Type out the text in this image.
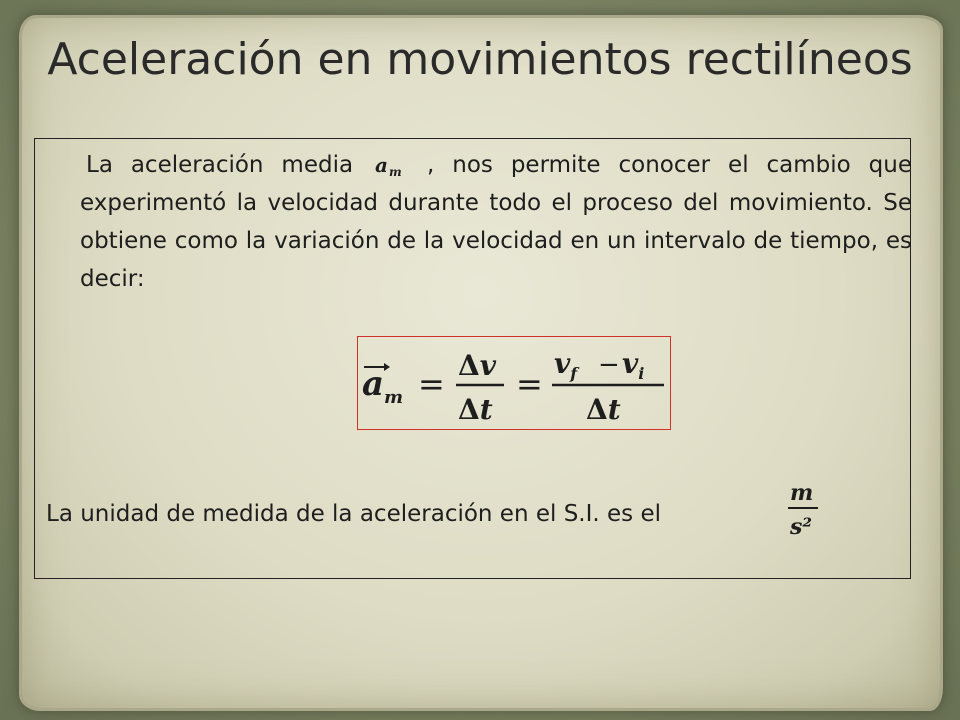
Aceleración en movimientos rectilíneos

La aceleración media a m , nos permite conocer el cambio que experimentó la velocidad durante todo el proceso del movimiento. Se obtiene como la variación de la velocidad en un intervalo de tiempo, es decir:

a m = Δv
Δt
=
$v_f - v_i$
Δt

La unidad de medida de la aceleración en el S.I. es el

m
s²
